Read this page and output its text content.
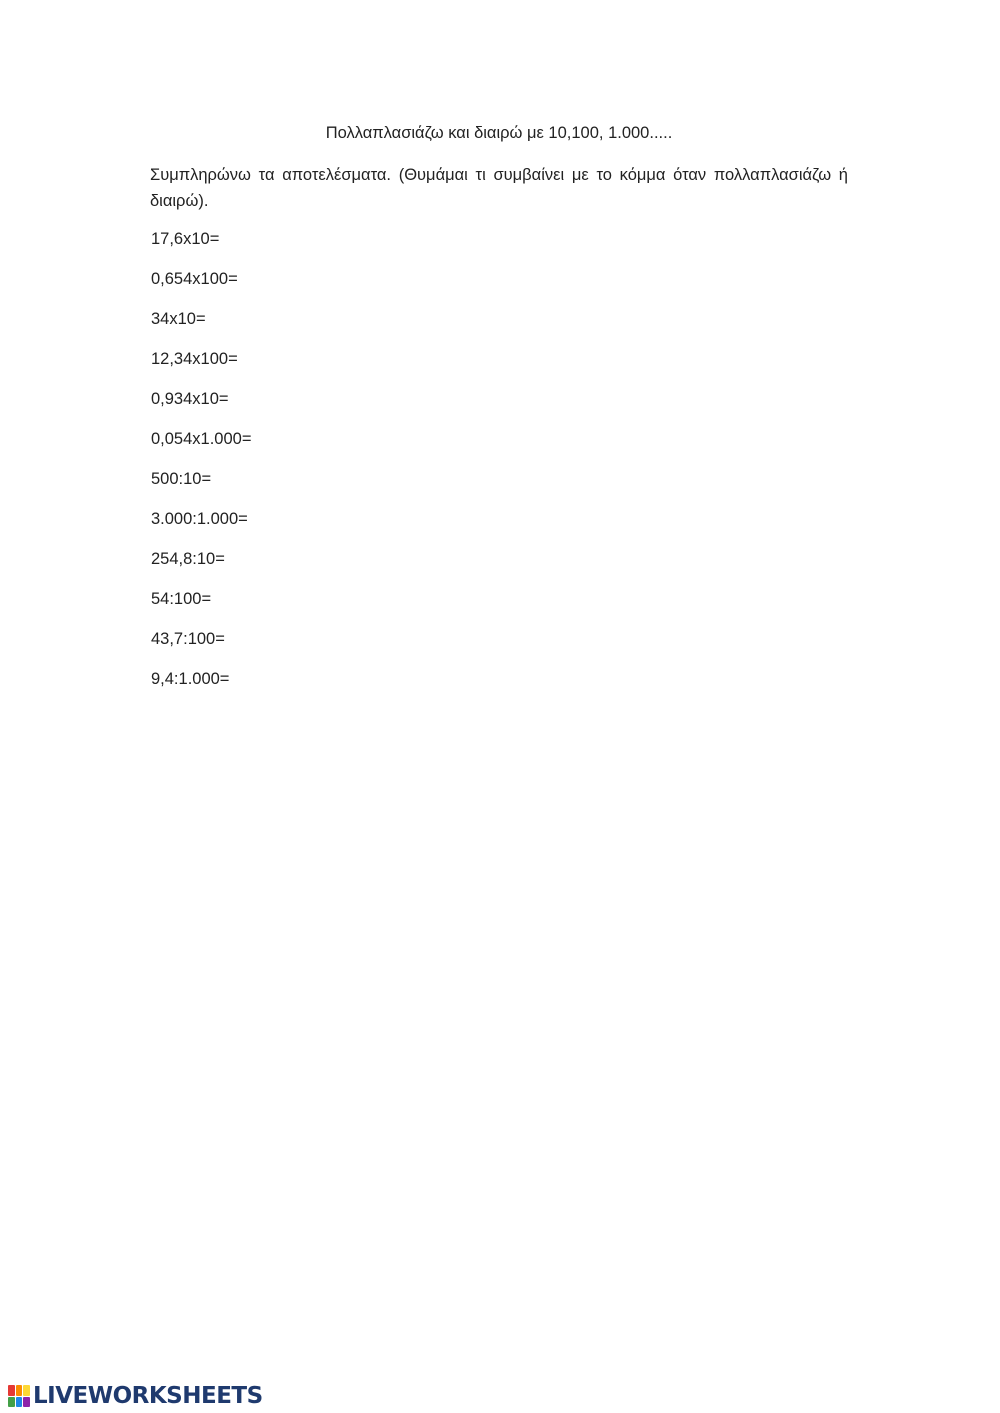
Πολλαπλασιάζω και διαιρώ με 10,100, 1.000.....
Συμπληρώνω τα αποτελέσματα. (Θυμάμαι τι συμβαίνει με το κόμμα όταν πολλαπλασιάζω ή διαιρώ).
17,6x10=
0,654x100=
34x10=
12,34x100=
0,934x10=
0,054x1.000=
500:10=
3.000:1.000=
254,8:10=
54:100=
43,7:100=
9,4:1.000=
LIVEWORKSHEETS
